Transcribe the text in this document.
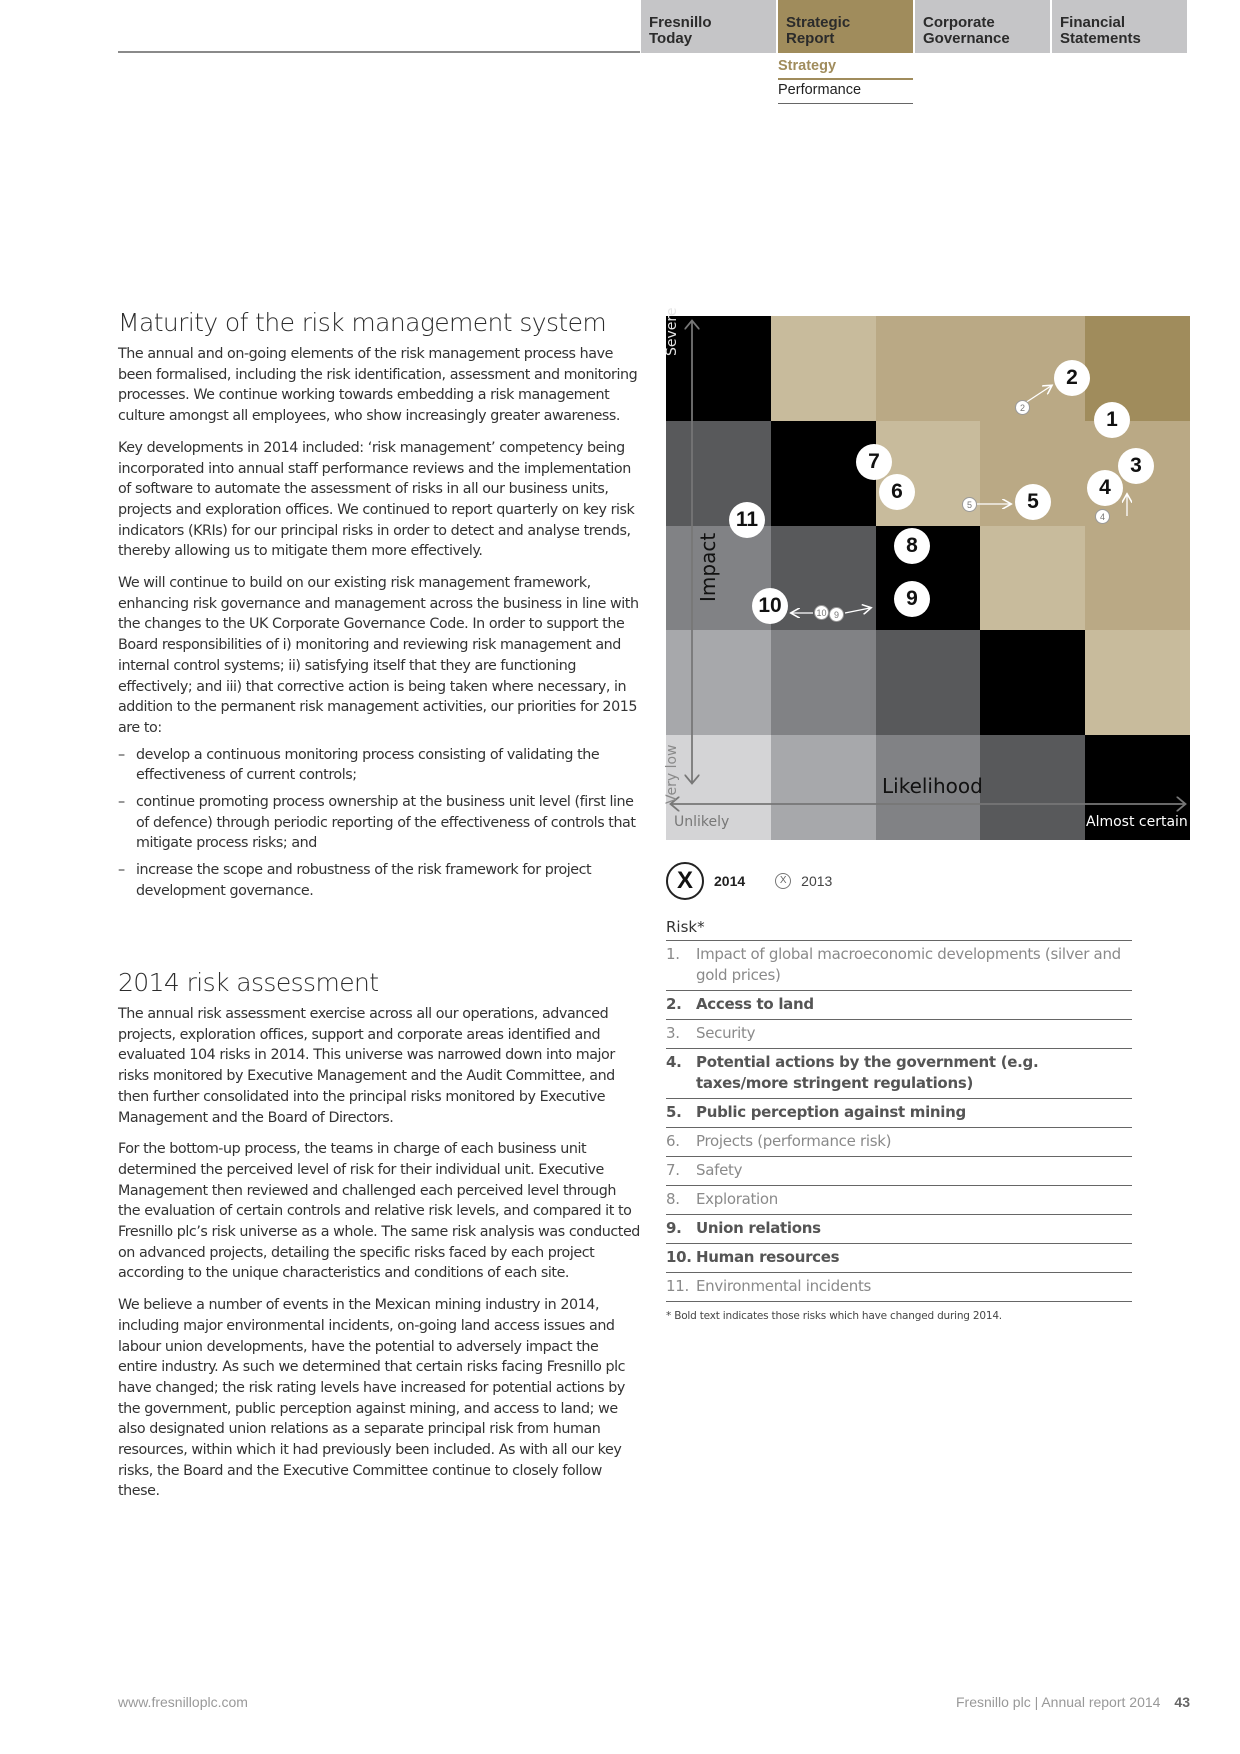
Fresnillo
Today
Strategic
Report
Corporate
Governance
Financial
Statements
Strategy
Performance
Maturity of the risk management system

The annual and on-going elements of the risk management process have been formalised, including the risk identification, assessment and monitoring processes. We continue working towards embedding a risk management culture amongst all employees, who show increasingly greater awareness.

Key developments in 2014 included: ‘risk management’ competency being incorporated into annual staff performance reviews and the implementation of software to automate the assessment of risks in all our business units, projects and exploration offices. We continued to report quarterly on key risk indicators (KRIs) for our principal risks in order to detect and analyse trends, thereby allowing us to mitigate them more effectively.

We will continue to build on our existing risk management framework, enhancing risk governance and management across the business in line with the changes to the UK Corporate Governance Code. In order to support the Board responsibilities of i) monitoring and reviewing risk management and internal control systems; ii) satisfying itself that they are functioning effectively; and iii) that corrective action is being taken where necessary, in addition to the permanent risk management activities, our priorities for 2015 are to:

– develop a continuous monitoring process consisting of validating the effectiveness of current controls;
– continue promoting process ownership at the business unit level (first line of defence) through periodic reporting of the effectiveness of controls that mitigate process risks; and
– increase the scope and robustness of the risk framework for project development governance.
2014 risk assessment

The annual risk assessment exercise across all our operations, advanced projects, exploration offices, support and corporate areas identified and evaluated 104 risks in 2014. This universe was narrowed down into major risks monitored by Executive Management and the Audit Committee, and then further consolidated into the principal risks monitored by Executive Management and the Board of Directors.

For the bottom-up process, the teams in charge of each business unit determined the perceived level of risk for their individual unit. Executive Management then reviewed and challenged each perceived level through the evaluation of certain controls and relative risk levels, and compared it to Fresnillo plc’s risk universe as a whole. The same risk analysis was conducted on advanced projects, detailing the specific risks faced by each project according to the unique characteristics and conditions of each site.

We believe a number of events in the Mexican mining industry in 2014, including major environmental incidents, on-going land access issues and labour union developments, have the potential to adversely impact the entire industry. As such we determined that certain risks facing Fresnillo plc have changed; the risk rating levels have increased for potential actions by the government, public perception against mining, and access to land; we also designated union relations as a separate principal risk from human resources, within which it had previously been included. As with all our key risks, the Board and the Executive Committee continue to closely follow these.

Severe
Very low
Impact
Likelihood
Unlikely	Almost certain
2
1
3
4
5
7
6
11
8
9
10
2
5
4
10 9
X	2014	X	2013
Risk*
1.	Impact of global macroeconomic developments (silver and gold prices)
2. Access to land
3.	Security
4. Potential actions by the government (e.g. taxes/more stringent regulations)
5. Public perception against mining
6.	Projects (performance risk)
7.	Safety
8.	Exploration
9. Union relations
10. Human resources
11. Environmental incidents
* Bold text indicates those risks which have changed during 2014.
www.fresnilloplc.com	Fresnillo plc | Annual report 2014 43
